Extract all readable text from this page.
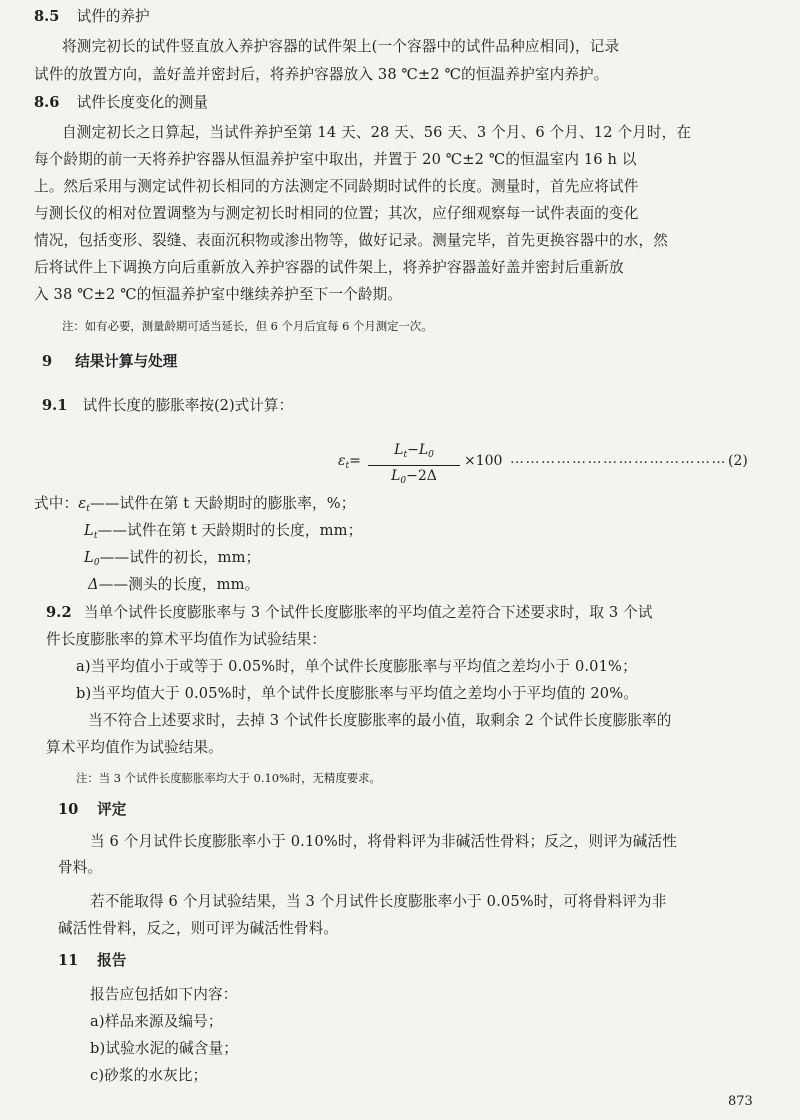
8.5 试件的养护
将测完初长的试件竖直放入养护容器的试件架上(一个容器中的试件品种应相同)，记录
试件的放置方向，盖好盖并密封后，将养护容器放入 38 ℃±2 ℃的恒温养护室内养护。
8.6 试件长度变化的测量
自测定初长之日算起，当试件养护至第 14 天、28 天、56 天、3 个月、6 个月、12 个月时，在
每个龄期的前一天将养护容器从恒温养护室中取出，并置于 20 ℃±2 ℃的恒温室内 16 h 以
上。然后采用与测定试件初长相同的方法测定不同龄期时试件的长度。测量时，首先应将试件
与测长仪的相对位置调整为与测定初长时相同的位置；其次，应仔细观察每一试件表面的变化
情况，包括变形、裂缝、表面沉积物或渗出物等，做好记录。测量完毕，首先更换容器中的水，然
后将试件上下调换方向后重新放入养护容器的试件架上，将养护容器盖好盖并密封后重新放
入 38 ℃±2 ℃的恒温养护室中继续养护至下一个龄期。
注：如有必要，测量龄期可适当延长，但 6 个月后宜每 6 个月测定一次。
9 结果计算与处理
9.1 试件长度的膨胀率按(2)式计算：
$\varepsilon_t=$
$L_t-L_0$
$L_0-2\Delta$
×100 …………………………………… (2)
式中：$\varepsilon_t——$试件在第 t 天龄期时的膨胀率，%；
$L_t——$试件在第 t 天龄期时的长度，mm；
$L_0——$试件的初长，mm；
Δ——测头的长度，mm。
9.2 当单个试件长度膨胀率与 3 个试件长度膨胀率的平均值之差符合下述要求时，取 3 个试
件长度膨胀率的算术平均值作为试验结果：
a)当平均值小于或等于 0.05%时，单个试件长度膨胀率与平均值之差均小于 0.01%；
b)当平均值大于 0.05%时，单个试件长度膨胀率与平均值之差均小于平均值的 20%。
当不符合上述要求时，去掉 3 个试件长度膨胀率的最小值，取剩余 2 个试件长度膨胀率的
算术平均值作为试验结果。
注：当 3 个试件长度膨胀率均大于 0.10%时，无精度要求。
10 评定
当 6 个月试件长度膨胀率小于 0.10%时，将骨料评为非碱活性骨料；反之，则评为碱活性
骨料。
若不能取得 6 个月试验结果，当 3 个月试件长度膨胀率小于 0.05%时，可将骨料评为非
碱活性骨料，反之，则可评为碱活性骨料。
11 报告
报告应包括如下内容：
a)样品来源及编号；
b)试验水泥的碱含量；
c)砂浆的水灰比；
873
